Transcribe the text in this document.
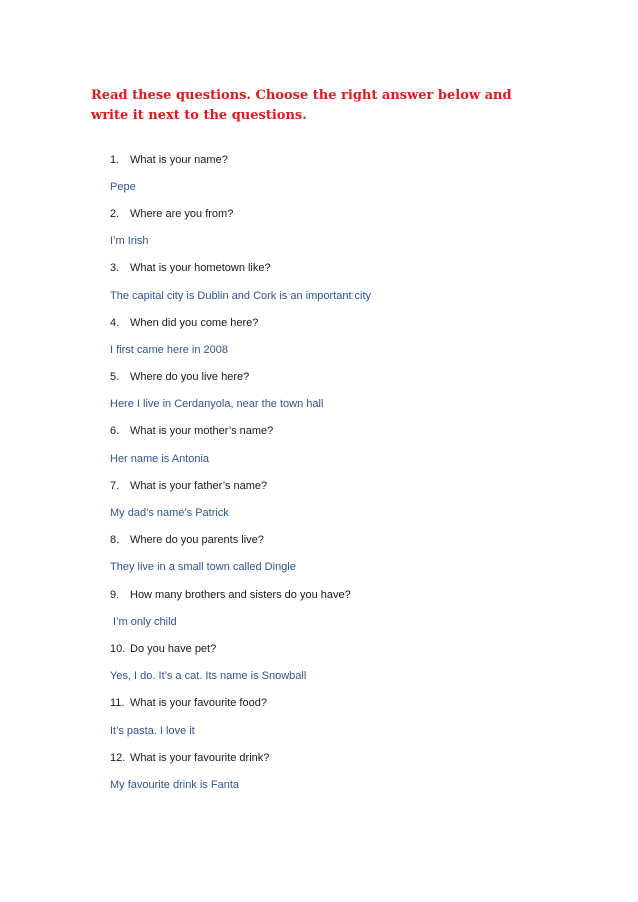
Read these questions. Choose the right answer below and write it next to the questions.

1. What is your name?
Pepe
2. Where are you from?
I’m Irish
3. What is your hometown like?
The capital city is Dublin and Cork is an important city
4. When did you come here?
I first came here in 2008
5. Where do you live here?
Here I live in Cerdanyola, near the town hall
6. What is your mother’s name?
Her name is Antonia
7. What is your father’s name?
My dad’s name’s Patrick
8. Where do you parents live?
They live in a small town called Dingle
9. How many brothers and sisters do you have?
I’m only child
10. Do you have pet?
Yes, I do. It’s a cat. Its name is Snowball
11. What is your favourite food?
It’s pasta. I love it
12. What is your favourite drink?
My favourite drink is Fanta
